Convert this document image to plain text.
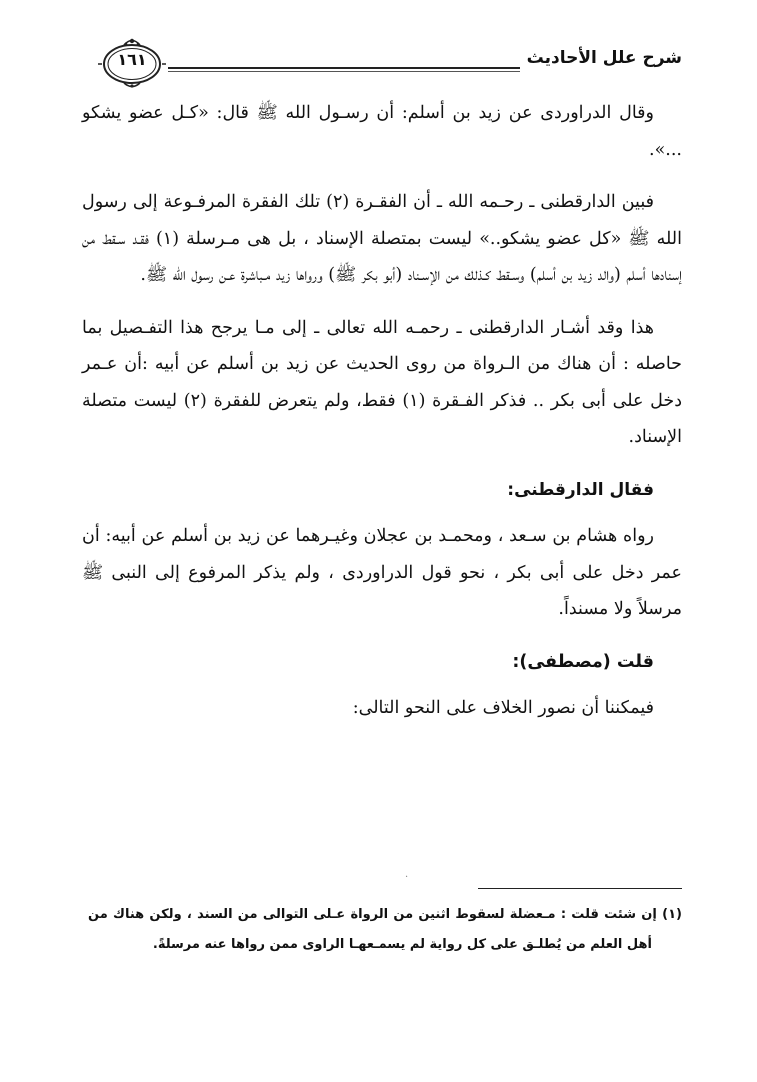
شرح علل الأحاديث
١٦١

وقال الدراوردى عن زيد بن أسلم: أن رسـول الله ﷺ قال: «كـل عضو يشكو ...».

فبين الدارقطنى ـ رحـمه الله ـ أن الفقـرة (٢) تلك الفقرة المرفـوعة إلى رسول الله ﷺ «كل عضو يشكو..» ليست بمتصلة الإسناد ، بل هى مـرسلة (١) فقـد سـقط من إسنادها أسلم (والد زيد بن أسلم) وسـقط كـذلك من الإسـناد (أبو بكر ﷺ) ورواها زيد مـباشرة عـن رسول الله ﷺ.

هذا وقد أشـار الدارقطنى ـ رحمـه الله تعالى ـ إلى مـا يرجح هذا التفـصيل بما حاصله : أن هناك من الـرواة من روى الحديث عن زيد بن أسلم عن أبيه :أن عـمر دخل على أبى بكر .. فذكر الفـقرة (١) فقط، ولم يتعرض للفقرة (٢) ليست متصلة الإسناد.

فقال الدارقطنى:

رواه هشام بن سـعد ، ومحمـد بن عجلان وغيـرهما عن زيد بن أسلم عن أبيه: أن عمر دخل على أبى بكر ، نحو قول الدراوردى ، ولم يذكر المرفوع إلى النبى ﷺ مرسلاً ولا مسنداً.

قلت (مصطفى):

فيمكننا أن نصور الخلاف على النحو التالى:

(١) إن شئت قلت : مـعضلة لسقوط اثنين من الرواة عـلى التوالى من السند ، ولكن هناك من أهل العلم من يُطلـق على كل رواية لم يسمـعهـا الراوى ممن رواها عنه مرسلةً.
·
